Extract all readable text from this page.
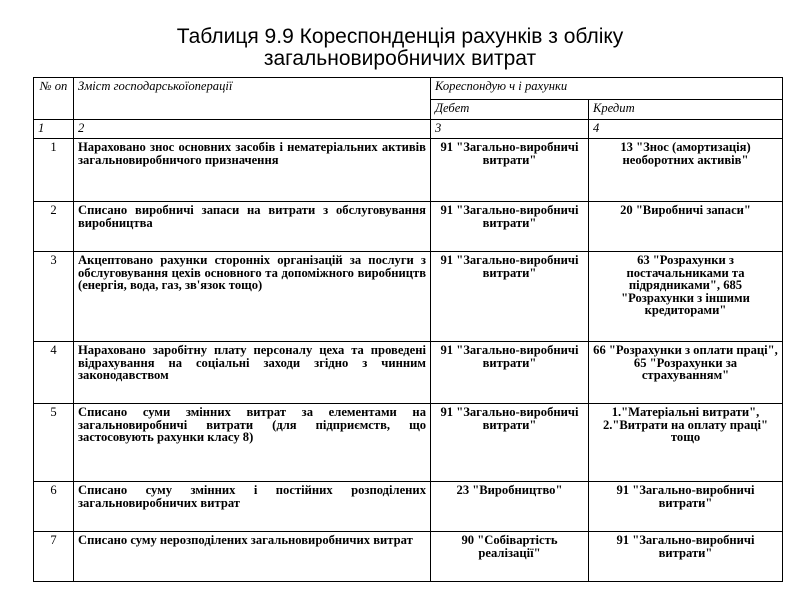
Таблиця 9.9 Кореспонденція рахунків з обліку
загальновиробничих витрат
№ оп	Зміст господарськоїоперації	Кореспондую ч і рахунки	
		Дебет	Кредит
1	2	3	4
1	Нараховано знос основних засобів і нематеріальних активів загальновиробничого призначення	91 "Загально-виробничі витрати"	13 "Знос (амортизація) необоротних активів"
2	Списано виробничі запаси на витрати з обслуговування виробництва	91 "Загально-виробничі витрати"	20 "Виробничі запаси"
3	Акцептовано рахунки сторонніх організацій за послуги з обслуговування цехів основного та допоміжного виробництв (енергія, вода, газ, зв'язок тощо)	91 "Загально-виробничі витрати"	63 "Розрахунки з постачальниками та підрядниками", 685 "Розрахунки з іншими кредиторами"
4	Нараховано заробітну плату персоналу цеха та проведені відрахування на соціальні заходи згідно з чинним законодавством	91 "Загально-виробничі витрати"	66 "Розрахунки з оплати праці", 65 "Розрахунки за страхуванням"
5	Списано суми змінних витрат за елементами на загальновиробничі витрати (для підприємств, що застосовують рахунки класу 8)	91 "Загально-виробничі витрати"	1."Матеріальні витрати", 2."Витрати на оплату праці" тощо
6	Списано суму змінних і постійних розподілених загальновиробничих витрат	23 "Виробництво"	91 "Загально-виробничі витрати"
7	Списано суму нерозподілених загальновиробничих витрат	90 "Собівартість реалізації"	91 "Загально-виробничі витрати"
